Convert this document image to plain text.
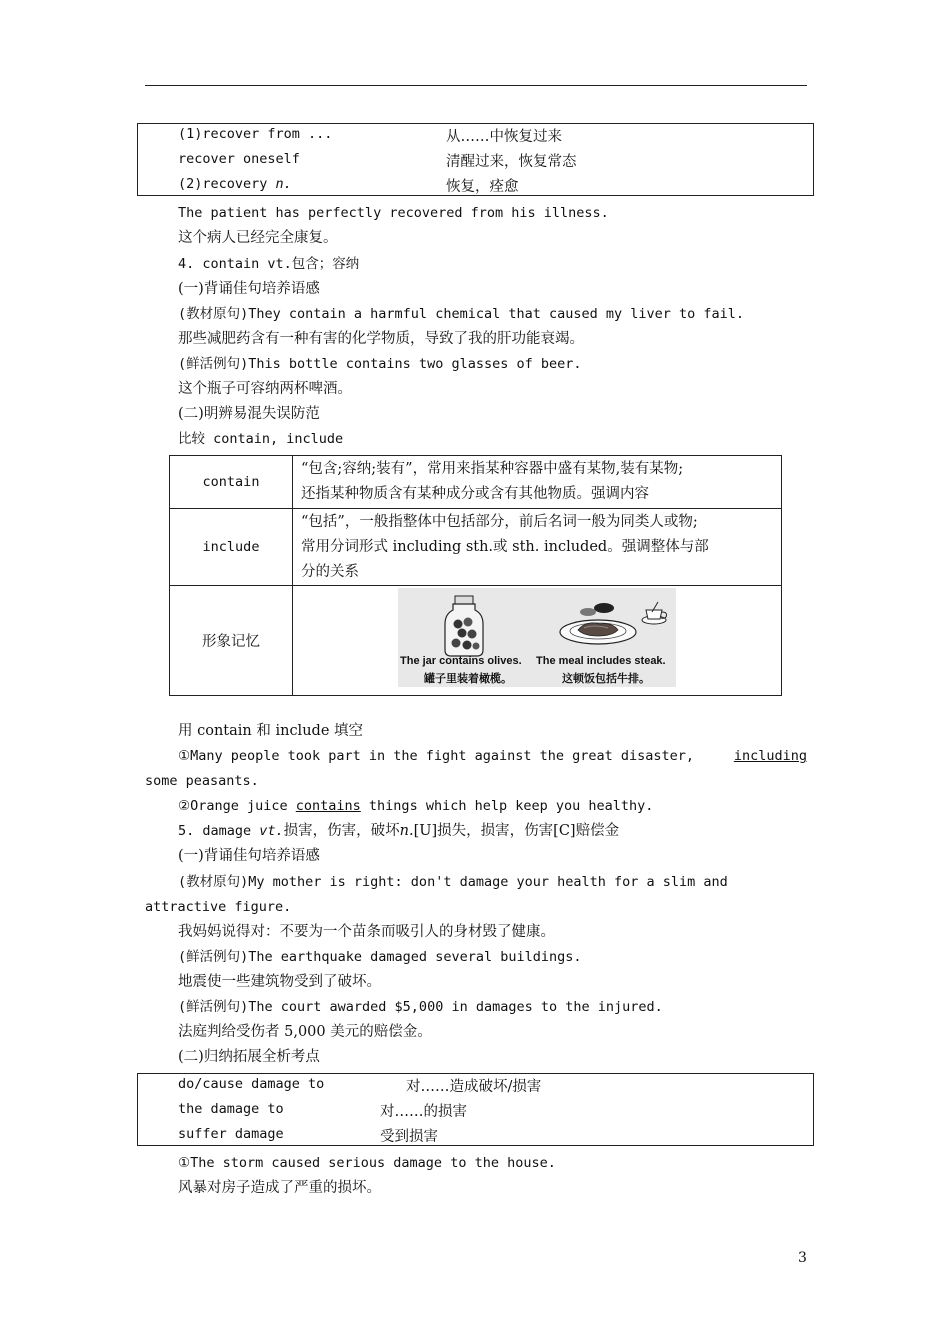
(1)recover from ...	从……中恢复过来
recover oneself	清醒过来，恢复常态
(2)recovery n.	恢复，痊愈
The patient has perfectly recovered from his illness.
这个病人已经完全康复。
4. contain vt.包含；容纳
(一)背诵佳句培养语感
(教材原句)They contain a harmful chemical that caused my liver to fail.
那些减肥药含有一种有害的化学物质，导致了我的肝功能衰竭。
(鲜活例句)This bottle contains two glasses of beer.
这个瓶子可容纳两杯啤酒。
(二)明辨易混失误防范
比较 contain, include
contain	“包含;容纳;装有”，常用来指某种容器中盛有某物,装有某物;
还指某种物质含有某种成分或含有其他物质。强调内容

include	“包括”，一般指整体中包括部分，前后名词一般为同类人或物;
常用分词形式 including sth.或 sth. included。强调整体与部
分的关系

形象记忆	
The jar contains olives.
罐子里装着橄榄。
The meal includes steak.
这顿饭包括牛排。
用 contain 和 include 填空
①Many people took part in the fight against the great disaster,	including
some peasants.
②Orange juice contains things which help keep you healthy.
5. damage vt.损害，伤害，破坏n.[U]损失，损害，伤害[C]赔偿金
(一)背诵佳句培养语感
(教材原句)My mother is right: don't damage your health for a slim and
attractive figure.
我妈妈说得对：不要为一个苗条而吸引人的身材毁了健康。
(鲜活例句)The earthquake damaged several buildings.
地震使一些建筑物受到了破坏。
(鲜活例句)The court awarded $5,000 in damages to the injured.
法庭判给受伤者 5,000 美元的赔偿金。
(二)归纳拓展全析考点
do/cause damage to	对……造成破坏/损害
the damage to	对……的损害
suffer damage	受到损害
①The storm caused serious damage to the house.
风暴对房子造成了严重的损坏。
3
